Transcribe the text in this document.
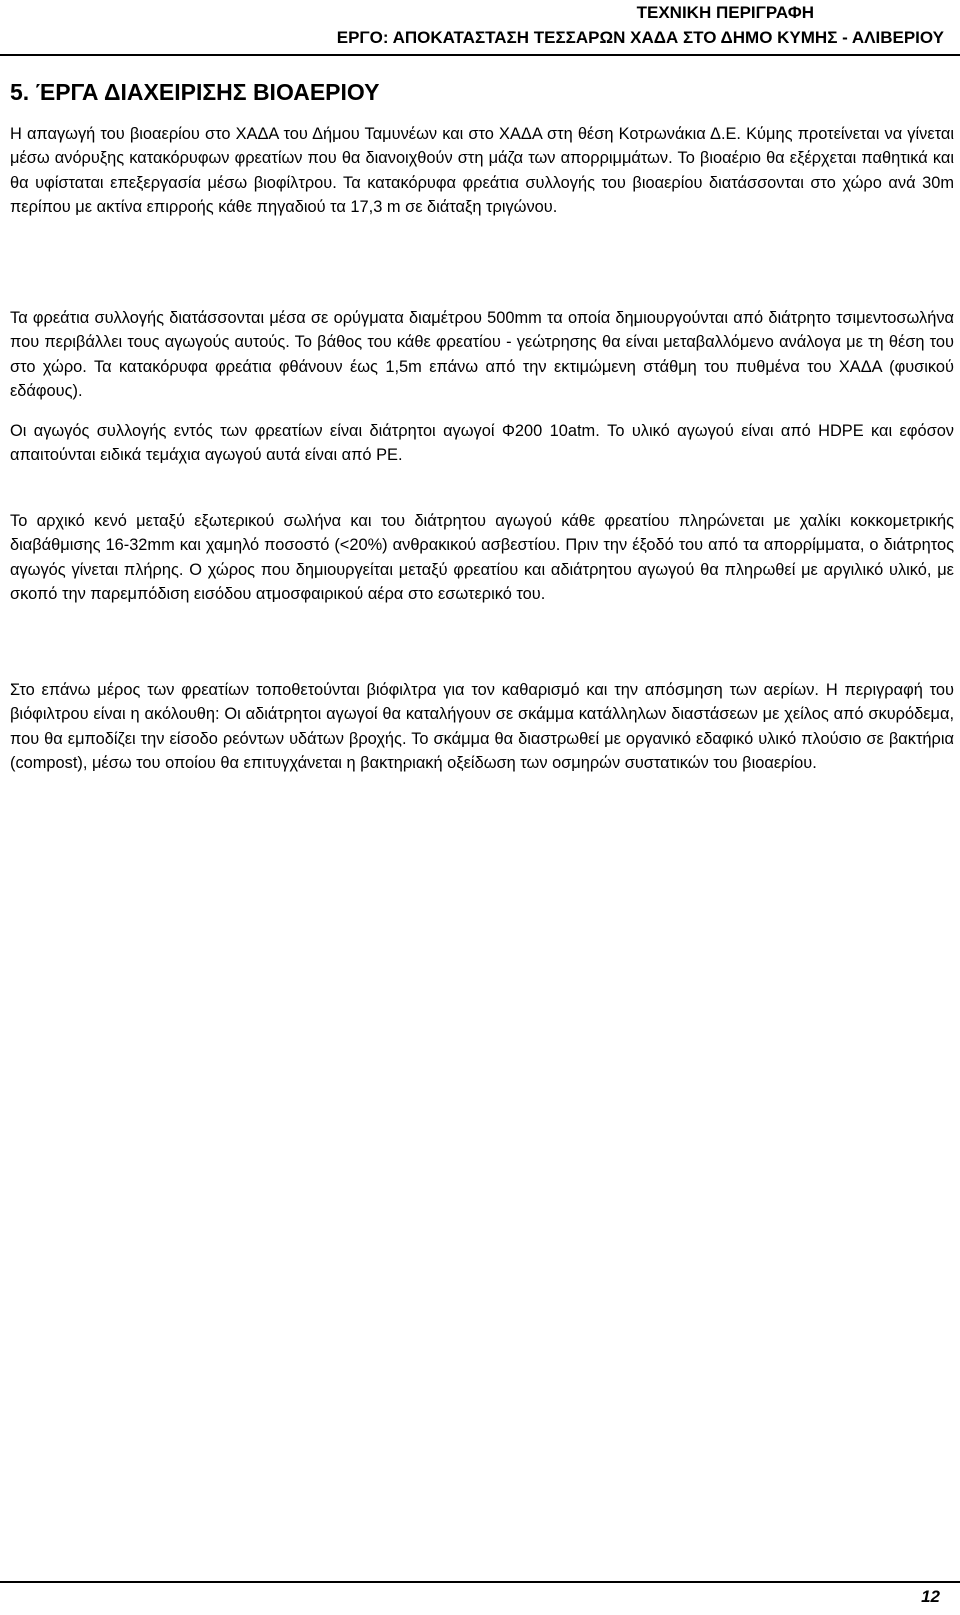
ΤΕΧΝΙΚΗ ΠΕΡΙΓΡΑΦΗ
ΕΡΓΟ: ΑΠΟΚΑΤΑΣΤΑΣΗ ΤΕΣΣΑΡΩΝ ΧΑΔΑ ΣΤΟ ΔΗΜΟ ΚΥΜΗΣ - ΑΛΙΒΕΡΙΟΥ
5. ΈΡΓΑ ΔΙΑΧΕΙΡΙΣΗΣ ΒΙΟΑΕΡΙΟΥ

Η απαγωγή του βιοαερίου στο ΧΑΔΑ του Δήμου Ταμυνέων και στο ΧΑΔΑ στη θέση Κοτρωνάκια Δ.Ε. Κύμης προτείνεται να γίνεται μέσω ανόρυξης κατακόρυφων φρεατίων που θα διανοιχθούν στη μάζα των απορριμμάτων. Το βιοαέριο θα εξέρχεται παθητικά και θα υφίσταται επεξεργασία μέσω βιοφίλτρου. Τα κατακόρυφα φρεάτια συλλογής του βιοαερίου διατάσσονται στο χώρο ανά 30m περίπου με ακτίνα επιρροής κάθε πηγαδιού τα 17,3 m σε διάταξη τριγώνου.

Τα φρεάτια συλλογής διατάσσονται μέσα σε ορύγματα διαμέτρου 500mm τα οποία δημιουργούνται από διάτρητο τσιμεντοσωλήνα που περιβάλλει τους αγωγούς αυτούς. Το βάθος του κάθε φρεατίου - γεώτρησης θα είναι μεταβαλλόμενο ανάλογα με τη θέση του στο χώρο. Τα κατακόρυφα φρεάτια φθάνουν έως 1,5m επάνω από την εκτιμώμενη στάθμη του πυθμένα του ΧΑΔΑ (φυσικού εδάφους).

Οι αγωγός συλλογής εντός των φρεατίων είναι διάτρητοι αγωγοί Φ200 10atm. Το υλικό αγωγού είναι από HDPE και εφόσον απαιτούνται ειδικά τεμάχια αγωγού αυτά είναι από PE.

Το αρχικό κενό μεταξύ εξωτερικού σωλήνα και του διάτρητου αγωγού κάθε φρεατίου πληρώνεται με χαλίκι κοκκομετρικής διαβάθμισης 16-32mm και χαμηλό ποσοστό (<20%) ανθρακικού ασβεστίου. Πριν την έξοδό του από τα απορρίμματα, ο διάτρητος αγωγός γίνεται πλήρης. Ο χώρος που δημιουργείται μεταξύ φρεατίου και αδιάτρητου αγωγού θα πληρωθεί με αργιλικό υλικό, με σκοπό την παρεμπόδιση εισόδου ατμοσφαιρικού αέρα στο εσωτερικό του.

Στο επάνω μέρος των φρεατίων τοποθετούνται βιόφιλτρα για τον καθαρισμό και την απόσμηση των αερίων. Η περιγραφή του βιόφιλτρου είναι η ακόλουθη: Οι αδιάτρητοι αγωγοί θα καταλήγουν σε σκάμμα κατάλληλων διαστάσεων με χείλος από σκυρόδεμα, που θα εμποδίζει την είσοδο ρεόντων υδάτων βροχής. Το σκάμμα θα διαστρωθεί με οργανικό εδαφικό υλικό πλούσιο σε βακτήρια (compost), μέσω του οποίου θα επιτυγχάνεται η βακτηριακή οξείδωση των οσμηρών συστατικών του βιοαερίου.

12
